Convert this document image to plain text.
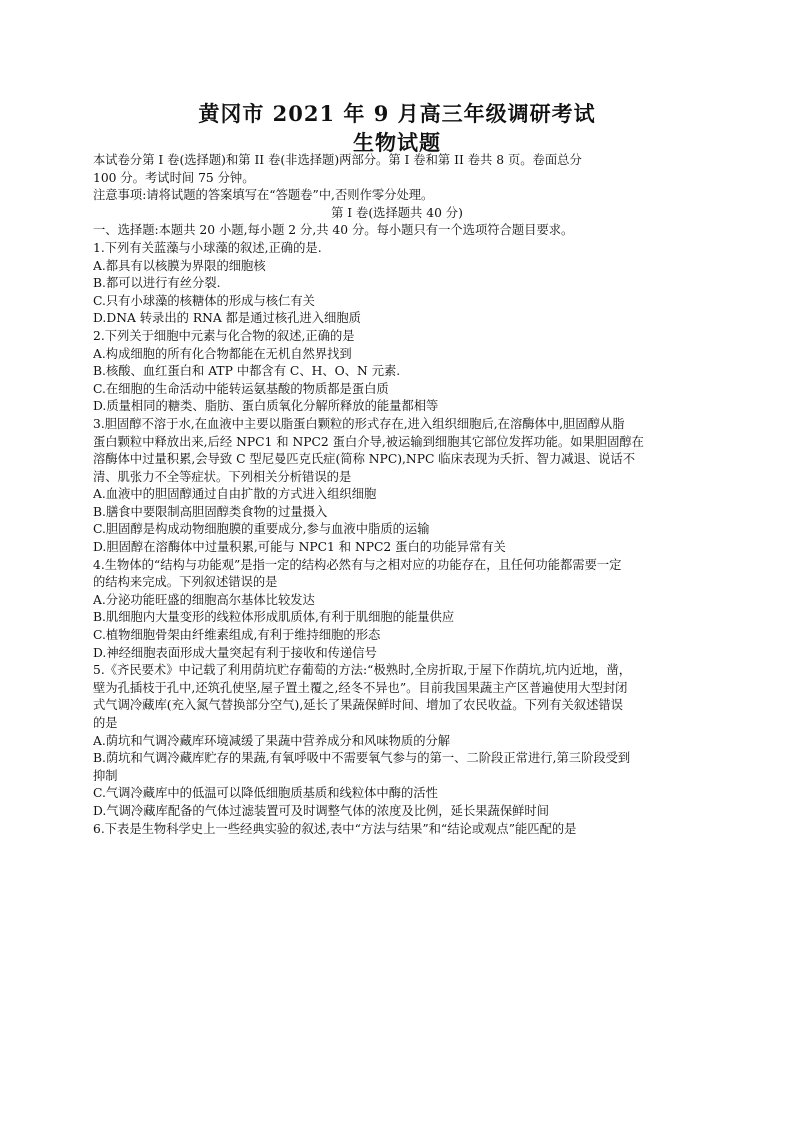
黄冈市 2021 年 9 月高三年级调研考试
生物试题
本试卷分第 I 卷(选择题)和第 II 卷(非选择题)两部分。第 I 卷和第 II 卷共 8 页。卷面总分
100 分。考试时间 75 分钟。
注意事项:请将试题的答案填写在“答题卷”中,否则作零分处理。
第 I 卷(选择题共 40 分)
一、选择题:本题共 20 小题,每小题 2 分,共 40 分。每小题只有一个选项符合题目要求。
1.下列有关蓝藻与小球藻的叙述,正确的是.
A.都具有以核膜为界限的细胞核
B.都可以进行有丝分裂.
C.只有小球藻的核糖体的形成与核仁有关
D.DNA 转录出的 RNA 都是通过核孔进入细胞质
2.下列关于细胞中元素与化合物的叙述,正确的是
A.构成细胞的所有化合物都能在无机自然界找到
B.核酸、血红蛋白和 ATP 中都含有 C、H、O、N 元素.
C.在细胞的生命活动中能转运氨基酸的物质都是蛋白质
D.质量相同的糖类、脂肪、蛋白质氧化分解所释放的能量都相等
3.胆固醇不溶于水,在血液中主要以脂蛋白颗粒的形式存在,进入组织细胞后,在溶酶体中,胆固醇从脂
蛋白颗粒中释放出来,后经 NPC1 和 NPC2 蛋白介导,被运输到细胞其它部位发挥功能。如果胆固醇在
溶酶体中过量积累,会导致 C 型尼曼匹克氏症(简称 NPC),NPC 临床表现为夭折、智力减退、说话不
清、肌张力不全等症状。下列相关分析错误的是
A.血液中的胆固醇通过自由扩散的方式进入组织细胞
B.膳食中要限制高胆固醇类食物的过量摄入
C.胆固醇是构成动物细胞膜的重要成分,参与血液中脂质的运输
D.胆固醇在溶酶体中过量积累,可能与 NPC1 和 NPC2 蛋白的功能异常有关
4.生物体的“结构与功能观”是指一定的结构必然有与之相对应的功能存在，且任何功能都需要一定
的结构来完成。下列叙述错误的是
A.分泌功能旺盛的细胞高尔基体比较发达
B.肌细胞内大量变形的线粒体形成肌质体,有利于肌细胞的能量供应
C.植物细胞骨架由纤维素组成,有利于维持细胞的形态
D.神经细胞表面形成大量突起有利于接收和传递信号
5.《齐民要术》中记载了利用荫坑贮存葡萄的方法:“极熟时,全房折取,于屋下作荫坑,坑内近地，凿，
壁为孔插枝于孔中,还筑孔使坚,屋子置土覆之,经冬不异也”。目前我国果蔬主产区普遍使用大型封闭
式气调冷藏库(充入氮气替换部分空气),延长了果蔬保鲜时间、增加了农民收益。下列有关叙述错误
的是
A.荫坑和气调冷藏库环境减缓了果蔬中营养成分和风味物质的分解
B.荫坑和气调冷藏库贮存的果蔬,有氧呼吸中不需要氧气参与的第一、二阶段正常进行,第三阶段受到
抑制
C.气调冷藏库中的低温可以降低细胞质基质和线粒体中酶的活性
D.气调冷藏库配备的气体过滤装置可及时调整气体的浓度及比例，延长果蔬保鲜时间
6.下表是生物科学史上一些经典实验的叙述,表中“方法与结果”和“结论或观点”能匹配的是
